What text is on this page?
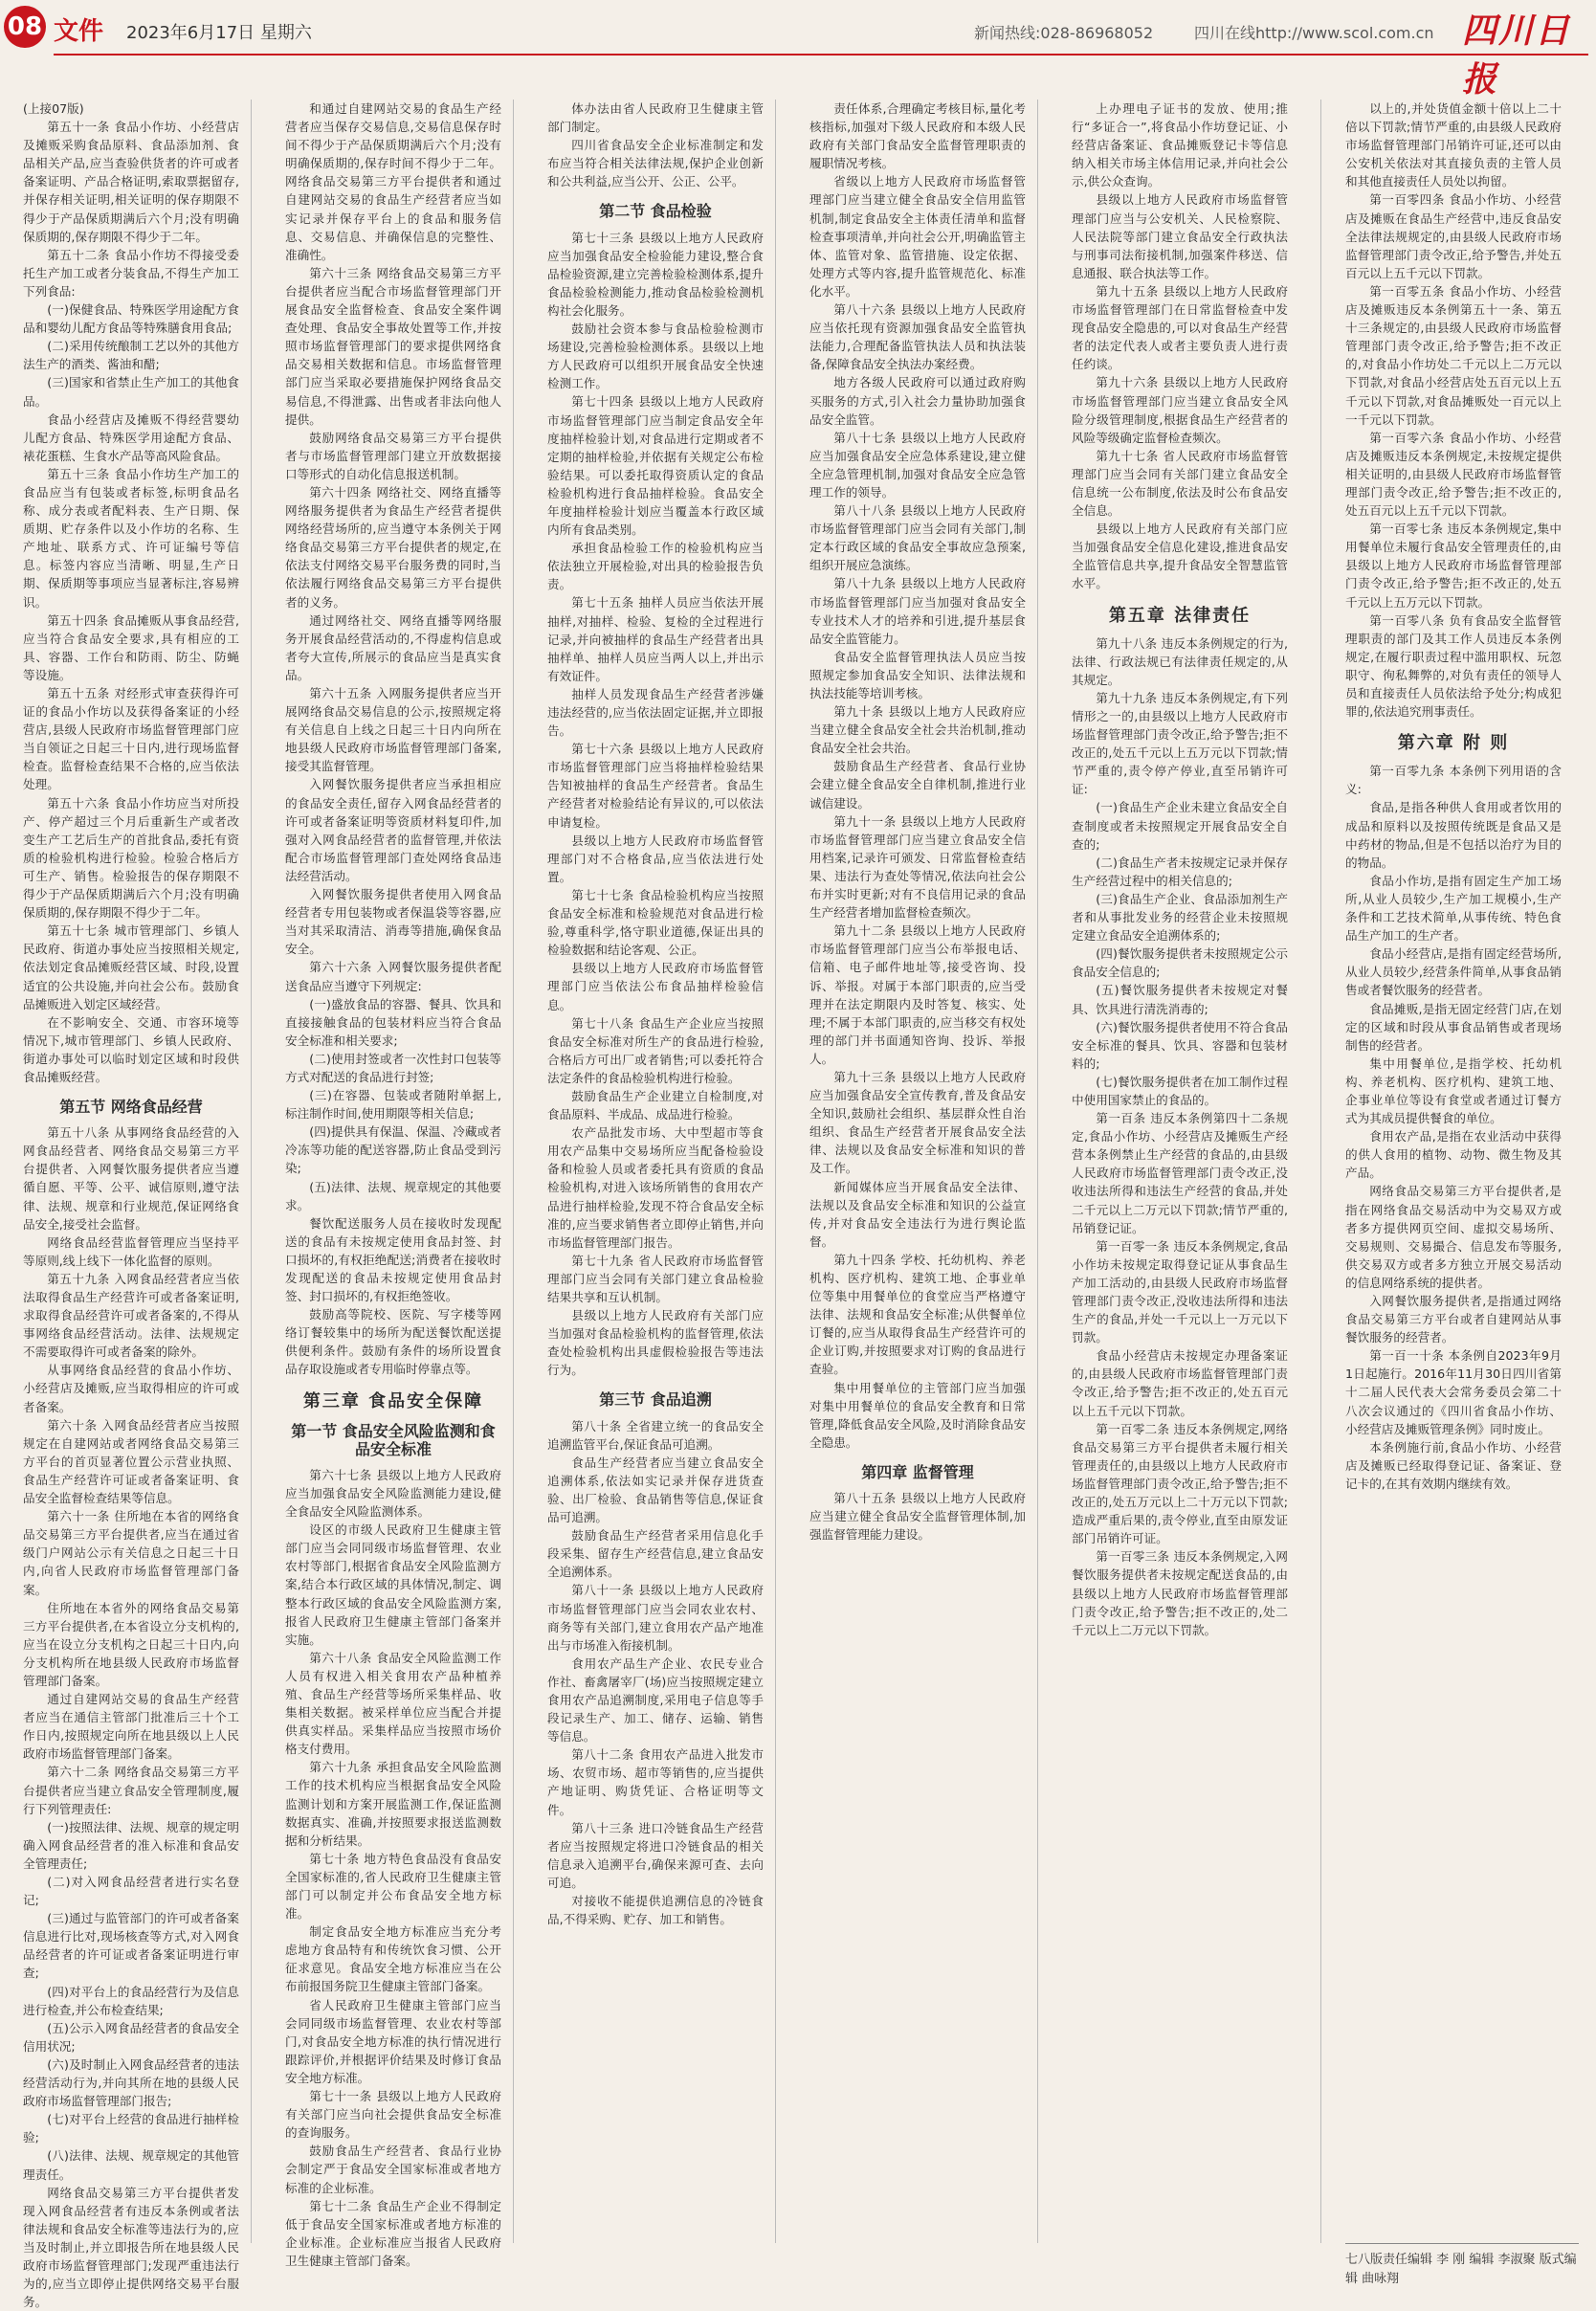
08 文件 2023年6月17日 星期六	新闻热线:028-86968052	四川在线http://www.scol.com.cn 四川日报
(上接07版)

第五十一条 食品小作坊、小经营店及摊贩采购食品原料、食品添加剂、食品相关产品,应当查验供货者的许可或者备案证明、产品合格证明,索取票据留存,并保存相关证明,相关证明的保存期限不得少于产品保质期满后六个月;没有明确保质期的,保存期限不得少于二年。

第五十二条 食品小作坊不得接受委托生产加工或者分装食品,不得生产加工下列食品:

(一)保健食品、特殊医学用途配方食品和婴幼儿配方食品等特殊膳食用食品;

(二)采用传统酿制工艺以外的其他方法生产的酒类、酱油和醋;

(三)国家和省禁止生产加工的其他食品。

食品小经营店及摊贩不得经营婴幼儿配方食品、特殊医学用途配方食品、裱花蛋糕、生食水产品等高风险食品。

第五十三条 食品小作坊生产加工的食品应当有包装或者标签,标明食品名称、成分表或者配料表、生产日期、保质期、贮存条件以及小作坊的名称、生产地址、联系方式、许可证编号等信息。标签内容应当清晰、明显,生产日期、保质期等事项应当显著标注,容易辨识。

第五十四条 食品摊贩从事食品经营,应当符合食品安全要求,具有相应的工具、容器、工作台和防雨、防尘、防蝇等设施。

第五十五条 对经形式审查获得许可证的食品小作坊以及获得备案证的小经营店,县级人民政府市场监督管理部门应当自领证之日起三十日内,进行现场监督检查。监督检查结果不合格的,应当依法处理。

第五十六条 食品小作坊应当对所投产、停产超过三个月后重新生产或者改变生产工艺后生产的首批食品,委托有资质的检验机构进行检验。检验合格后方可生产、销售。检验报告的保存期限不得少于产品保质期满后六个月;没有明确保质期的,保存期限不得少于二年。

第五十七条 城市管理部门、乡镇人民政府、街道办事处应当按照相关规定,依法划定食品摊贩经营区域、时段,设置适宜的公共设施,并向社会公布。鼓励食品摊贩进入划定区域经营。

在不影响安全、交通、市容环境等情况下,城市管理部门、乡镇人民政府、街道办事处可以临时划定区域和时段供食品摊贩经营。

第五节 网络食品经营

第五十八条 从事网络食品经营的入网食品经营者、网络食品交易第三方平台提供者、入网餐饮服务提供者应当遵循自愿、平等、公平、诚信原则,遵守法律、法规、规章和行业规范,保证网络食品安全,接受社会监督。

网络食品经营监督管理应当坚持平等原则,线上线下一体化监督的原则。

第五十九条 入网食品经营者应当依法取得食品生产经营许可或者备案证明,求取得食品经营许可或者备案的,不得从事网络食品经营活动。法律、法规规定不需要取得许可或者备案的除外。

从事网络食品经营的食品小作坊、小经营店及摊贩,应当取得相应的许可或者备案。

第六十条 入网食品经营者应当按照规定在自建网站或者网络食品交易第三方平台的首页显著位置公示营业执照、食品生产经营许可证或者备案证明、食品安全监督检查结果等信息。

第六十一条 住所地在本省的网络食品交易第三方平台提供者,应当在通过省级门户网站公示有关信息之日起三十日内,向省人民政府市场监督管理部门备案。

住所地在本省外的网络食品交易第三方平台提供者,在本省设立分支机构的,应当在设立分支机构之日起三十日内,向分支机构所在地县级人民政府市场监督管理部门备案。

通过自建网站交易的食品生产经营者应当在通信主管部门批准后三十个工作日内,按照规定向所在地县级以上人民政府市场监督管理部门备案。

第六十二条 网络食品交易第三方平台提供者应当建立食品安全管理制度,履行下列管理责任:

(一)按照法律、法规、规章的规定明确入网食品经营者的准入标准和食品安全管理责任;

(二)对入网食品经营者进行实名登记;

(三)通过与监管部门的许可或者备案信息进行比对,现场核查等方式,对入网食品经营者的许可证或者备案证明进行审查;

(四)对平台上的食品经营行为及信息进行检查,并公布检查结果;

(五)公示入网食品经营者的食品安全信用状况;

(六)及时制止入网食品经营者的违法经营活动行为,并向其所在地的县级人民政府市场监督管理部门报告;

(七)对平台上经营的食品进行抽样检验;

(八)法律、法规、规章规定的其他管理责任。

网络食品交易第三方平台提供者发现入网食品经营者有违反本条例或者法律法规和食品安全标准等违法行为的,应当及时制止,并立即报告所在地县级人民政府市场监督管理部门;发现严重违法行为的,应当立即停止提供网络交易平台服务。

和通过自建网站交易的食品生产经营者应当保存交易信息,交易信息保存时间不得少于产品保质期满后六个月;没有明确保质期的,保存时间不得少于二年。网络食品交易第三方平台提供者和通过自建网站交易的食品生产经营者应当如实记录并保存平台上的食品和服务信息、交易信息、并确保信息的完整性、准确性。

第六十三条 网络食品交易第三方平台提供者应当配合市场监督管理部门开展食品安全监督检查、食品安全案件调查处理、食品安全事故处置等工作,并按照市场监督管理部门的要求提供网络食品交易相关数据和信息。市场监督管理部门应当采取必要措施保护网络食品交易信息,不得泄露、出售或者非法向他人提供。

鼓励网络食品交易第三方平台提供者与市场监督管理部门建立开放数据接口等形式的自动化信息报送机制。

第六十四条 网络社交、网络直播等网络服务提供者为食品生产经营者提供网络经营场所的,应当遵守本条例关于网络食品交易第三方平台提供者的规定,在依法支付网络交易平台服务费的同时,当依法履行网络食品交易第三方平台提供者的义务。

通过网络社交、网络直播等网络服务开展食品经营活动的,不得虚构信息或者夸大宣传,所展示的食品应当是真实食品。

第六十五条 入网服务提供者应当开展网络食品交易信息的公示,按照规定将有关信息自上线之日起三十日内向所在地县级人民政府市场监督管理部门备案,接受其监督管理。

入网餐饮服务提供者应当承担相应的食品安全责任,留存入网食品经营者的许可或者备案证明等资质材料复印件,加强对入网食品经营者的监督管理,并依法配合市场监督管理部门查处网络食品违法经营活动。

入网餐饮服务提供者使用入网食品经营者专用包装物或者保温袋等容器,应当对其采取清洁、消毒等措施,确保食品安全。

第六十六条 入网餐饮服务提供者配送食品应当遵守下列规定:

(一)盛放食品的容器、餐具、饮具和直接接触食品的包装材料应当符合食品安全标准和相关要求;

(二)使用封签或者一次性封口包装等方式对配送的食品进行封签;

(三)在容器、包装或者随附单据上,标注制作时间,使用期限等相关信息;

(四)提供具有保温、保温、冷藏或者冷冻等功能的配送容器,防止食品受到污染;

(五)法律、法规、规章规定的其他要求。

餐饮配送服务人员在接收时发现配送的食品有未按规定使用食品封签、封口损坏的,有权拒绝配送;消费者在接收时发现配送的食品未按规定使用食品封签、封口损坏的,有权拒绝签收。

鼓励高等院校、医院、写字楼等网络订餐较集中的场所为配送餐饮配送提供便利条件。鼓励有条件的场所设置食品存取设施或者专用临时停靠点等。

第三章 食品安全保障
第一节 食品安全风险监测和食品安全标准

第六十七条 县级以上地方人民政府应当加强食品安全风险监测能力建设,健全食品安全风险监测体系。

设区的市级人民政府卫生健康主管部门应当会同同级市场监督管理、农业农村等部门,根据省食品安全风险监测方案,结合本行政区域的具体情况,制定、调整本行政区域的食品安全风险监测方案,报省人民政府卫生健康主管部门备案并实施。

第六十八条 食品安全风险监测工作人员有权进入相关食用农产品种植养殖、食品生产经营等场所采集样品、收集相关数据。被采样单位应当配合并提供真实样品。采集样品应当按照市场价格支付费用。

第六十九条 承担食品安全风险监测工作的技术机构应当根据食品安全风险监测计划和方案开展监测工作,保证监测数据真实、准确,并按照要求报送监测数据和分析结果。

第七十条 地方特色食品没有食品安全国家标准的,省人民政府卫生健康主管部门可以制定并公布食品安全地方标准。

制定食品安全地方标准应当充分考虑地方食品特有和传统饮食习惯、公开征求意见。食品安全地方标准应当在公布前报国务院卫生健康主管部门备案。

省人民政府卫生健康主管部门应当会同同级市场监督管理、农业农村等部门,对食品安全地方标准的执行情况进行跟踪评价,并根据评价结果及时修订食品安全地方标准。

第七十一条 县级以上地方人民政府有关部门应当向社会提供食品安全标准的查询服务。

鼓励食品生产经营者、食品行业协会制定严于食品安全国家标准或者地方标准的企业标准。

第七十二条 食品生产企业不得制定低于食品安全国家标准或者地方标准的企业标准。企业标准应当报省人民政府卫生健康主管部门备案。

体办法由省人民政府卫生健康主管部门制定。

四川省食品安全企业标准制定和发布应当符合相关法律法规,保护企业创新和公共利益,应当公开、公正、公平。

第二节 食品检验

第七十三条 县级以上地方人民政府应当加强食品安全检验能力建设,整合食品检验资源,建立完善检验检测体系,提升食品检验检测能力,推动食品检验检测机构社会化服务。

鼓励社会资本参与食品检验检测市场建设,完善检验检测体系。县级以上地方人民政府可以组织开展食品安全快速检测工作。

第七十四条 县级以上地方人民政府市场监督管理部门应当制定食品安全年度抽样检验计划,对食品进行定期或者不定期的抽样检验,并依据有关规定公布检验结果。可以委托取得资质认定的食品检验机构进行食品抽样检验。食品安全年度抽样检验计划应当覆盖本行政区域内所有食品类别。

承担食品检验工作的检验机构应当依法独立开展检验,对出具的检验报告负责。

第七十五条 抽样人员应当依法开展抽样,对抽样、检验、复检的全过程进行记录,并向被抽样的食品生产经营者出具抽样单、抽样人员应当两人以上,并出示有效证件。

抽样人员发现食品生产经营者涉嫌违法经营的,应当依法固定证据,并立即报告。

第七十六条 县级以上地方人民政府市场监督管理部门应当将抽样检验结果告知被抽样的食品生产经营者。食品生产经营者对检验结论有异议的,可以依法申请复检。

县级以上地方人民政府市场监督管理部门对不合格食品,应当依法进行处置。

第七十七条 食品检验机构应当按照食品安全标准和检验规范对食品进行检验,尊重科学,恪守职业道德,保证出具的检验数据和结论客观、公正。

县级以上地方人民政府市场监督管理部门应当依法公布食品抽样检验信息。

第七十八条 食品生产企业应当按照食品安全标准对所生产的食品进行检验,合格后方可出厂或者销售;可以委托符合法定条件的食品检验机构进行检验。

鼓励食品生产企业建立自检制度,对食品原料、半成品、成品进行检验。

农产品批发市场、大中型超市等食用农产品集中交易场所应当配备检验设备和检验人员或者委托具有资质的食品检验机构,对进入该场所销售的食用农产品进行抽样检验,发现不符合食品安全标准的,应当要求销售者立即停止销售,并向市场监督管理部门报告。

第七十九条 省人民政府市场监督管理部门应当会同有关部门建立食品检验结果共享和互认机制。

县级以上地方人民政府有关部门应当加强对食品检验机构的监督管理,依法查处检验机构出具虚假检验报告等违法行为。

第三节 食品追溯

第八十条 全省建立统一的食品安全追溯监管平台,保证食品可追溯。

食品生产经营者应当建立食品安全追溯体系,依法如实记录并保存进货查验、出厂检验、食品销售等信息,保证食品可追溯。

鼓励食品生产经营者采用信息化手段采集、留存生产经营信息,建立食品安全追溯体系。

第八十一条 县级以上地方人民政府市场监督管理部门应当会同农业农村、商务等有关部门,建立食用农产品产地准出与市场准入衔接机制。

食用农产品生产企业、农民专业合作社、畜禽屠宰厂(场)应当按照规定建立食用农产品追溯制度,采用电子信息等手段记录生产、加工、储存、运输、销售等信息。

第八十二条 食用农产品进入批发市场、农贸市场、超市等销售的,应当提供产地证明、购货凭证、合格证明等文件。

第八十三条 进口冷链食品生产经营者应当按照规定将进口冷链食品的相关信息录入追溯平台,确保来源可查、去向可追。

对接收不能提供追溯信息的冷链食品,不得采购、贮存、加工和销售。

责任体系,合理确定考核目标,量化考核指标,加强对下级人民政府和本级人民政府有关部门食品安全监督管理职责的履职情况考核。

省级以上地方人民政府市场监督管理部门应当建立健全食品安全信用监管机制,制定食品安全主体责任清单和监督检查事项清单,并向社会公开,明确监管主体、监管对象、监管措施、设定依据、处理方式等内容,提升监管规范化、标准化水平。

第八十六条 县级以上地方人民政府应当依托现有资源加强食品安全监管执法能力,合理配备监管执法人员和执法装备,保障食品安全执法办案经费。

地方各级人民政府可以通过政府购买服务的方式,引入社会力量协助加强食品安全监管。

第八十七条 县级以上地方人民政府应当加强食品安全应急体系建设,建立健全应急管理机制,加强对食品安全应急管理工作的领导。

第八十八条 县级以上地方人民政府市场监督管理部门应当会同有关部门,制定本行政区域的食品安全事故应急预案,组织开展应急演练。

第八十九条 县级以上地方人民政府市场监督管理部门应当加强对食品安全专业技术人才的培养和引进,提升基层食品安全监管能力。

食品安全监督管理执法人员应当按照规定参加食品安全知识、法律法规和执法技能等培训考核。

第九十条 县级以上地方人民政府应当建立健全食品安全社会共治机制,推动食品安全社会共治。

鼓励食品生产经营者、食品行业协会建立健全食品安全自律机制,推进行业诚信建设。

第九十一条 县级以上地方人民政府市场监督管理部门应当建立食品安全信用档案,记录许可颁发、日常监督检查结果、违法行为查处等情况,依法向社会公布并实时更新;对有不良信用记录的食品生产经营者增加监督检查频次。

第九十二条 县级以上地方人民政府市场监督管理部门应当公布举报电话、信箱、电子邮件地址等,接受咨询、投诉、举报。对属于本部门职责的,应当受理并在法定期限内及时答复、核实、处理;不属于本部门职责的,应当移交有权处理的部门并书面通知咨询、投诉、举报人。

第九十三条 县级以上地方人民政府应当加强食品安全宣传教育,普及食品安全知识,鼓励社会组织、基层群众性自治组织、食品生产经营者开展食品安全法律、法规以及食品安全标准和知识的普及工作。

新闻媒体应当开展食品安全法律、法规以及食品安全标准和知识的公益宣传,并对食品安全违法行为进行舆论监督。

第九十四条 学校、托幼机构、养老机构、医疗机构、建筑工地、企事业单位等集中用餐单位的食堂应当严格遵守法律、法规和食品安全标准;从供餐单位订餐的,应当从取得食品生产经营许可的企业订购,并按照要求对订购的食品进行查验。

集中用餐单位的主管部门应当加强对集中用餐单位的食品安全教育和日常管理,降低食品安全风险,及时消除食品安全隐患。

第四章 监督管理

第八十五条 县级以上地方人民政府应当建立健全食品安全监督管理体制,加强监督管理能力建设。

上办理电子证书的发放、使用;推行“多证合一”,将食品小作坊登记证、小经营店备案证、食品摊贩登记卡等信息纳入相关市场主体信用记录,并向社会公示,供公众查询。

县级以上地方人民政府市场监督管理部门应当与公安机关、人民检察院、人民法院等部门建立食品安全行政执法与刑事司法衔接机制,加强案件移送、信息通报、联合执法等工作。

第九十五条 县级以上地方人民政府市场监督管理部门在日常监督检查中发现食品安全隐患的,可以对食品生产经营者的法定代表人或者主要负责人进行责任约谈。

第九十六条 县级以上地方人民政府市场监督管理部门应当建立食品安全风险分级管理制度,根据食品生产经营者的风险等级确定监督检查频次。

第九十七条 省人民政府市场监督管理部门应当会同有关部门建立食品安全信息统一公布制度,依法及时公布食品安全信息。

县级以上地方人民政府有关部门应当加强食品安全信息化建设,推进食品安全监管信息共享,提升食品安全智慧监管水平。

第五章 法律责任

第九十八条 违反本条例规定的行为,法律、行政法规已有法律责任规定的,从其规定。

第九十九条 违反本条例规定,有下列情形之一的,由县级以上地方人民政府市场监督管理部门责令改正,给予警告;拒不改正的,处五千元以上五万元以下罚款;情节严重的,责令停产停业,直至吊销许可证:

(一)食品生产企业未建立食品安全自查制度或者未按照规定开展食品安全自查的;

(二)食品生产者未按规定记录并保存生产经营过程中的相关信息的;

(三)食品生产企业、食品添加剂生产者和从事批发业务的经营企业未按照规定建立食品安全追溯体系的;

(四)餐饮服务提供者未按照规定公示食品安全信息的;

(五)餐饮服务提供者未按规定对餐具、饮具进行清洗消毒的;

(六)餐饮服务提供者使用不符合食品安全标准的餐具、饮具、容器和包装材料的;

(七)餐饮服务提供者在加工制作过程中使用国家禁止的食品的。

第一百条 违反本条例第四十二条规定,食品小作坊、小经营店及摊贩生产经营本条例禁止生产经营的食品的,由县级人民政府市场监督管理部门责令改正,没收违法所得和违法生产经营的食品,并处二千元以上二万元以下罚款;情节严重的,吊销登记证。

第一百零一条 违反本条例规定,食品小作坊未按规定取得登记证从事食品生产加工活动的,由县级人民政府市场监督管理部门责令改正,没收违法所得和违法生产的食品,并处一千元以上一万元以下罚款。

食品小经营店未按规定办理备案证的,由县级人民政府市场监督管理部门责令改正,给予警告;拒不改正的,处五百元以上五千元以下罚款。

第一百零二条 违反本条例规定,网络食品交易第三方平台提供者未履行相关管理责任的,由县级以上地方人民政府市场监督管理部门责令改正,给予警告;拒不改正的,处五万元以上二十万元以下罚款;造成严重后果的,责令停业,直至由原发证部门吊销许可证。

第一百零三条 违反本条例规定,入网餐饮服务提供者未按规定配送食品的,由县级以上地方人民政府市场监督管理部门责令改正,给予警告;拒不改正的,处二千元以上二万元以下罚款。

以上的,并处货值金额十倍以上二十倍以下罚款;情节严重的,由县级人民政府市场监督管理部门吊销许可证,还可以由公安机关依法对其直接负责的主管人员和其他直接责任人员处以拘留。

第一百零四条 食品小作坊、小经营店及摊贩在食品生产经营中,违反食品安全法律法规规定的,由县级人民政府市场监督管理部门责令改正,给予警告,并处五百元以上五千元以下罚款。

第一百零五条 食品小作坊、小经营店及摊贩违反本条例第五十一条、第五十三条规定的,由县级人民政府市场监督管理部门责令改正,给予警告;拒不改正的,对食品小作坊处二千元以上二万元以下罚款,对食品小经营店处五百元以上五千元以下罚款,对食品摊贩处一百元以上一千元以下罚款。

第一百零六条 食品小作坊、小经营店及摊贩违反本条例规定,未按规定提供相关证明的,由县级人民政府市场监督管理部门责令改正,给予警告;拒不改正的,处五百元以上五千元以下罚款。

第一百零七条 违反本条例规定,集中用餐单位未履行食品安全管理责任的,由县级以上地方人民政府市场监督管理部门责令改正,给予警告;拒不改正的,处五千元以上五万元以下罚款。

第一百零八条 负有食品安全监督管理职责的部门及其工作人员违反本条例规定,在履行职责过程中滥用职权、玩忽职守、徇私舞弊的,对负有责任的领导人员和直接责任人员依法给予处分;构成犯罪的,依法追究刑事责任。

第六章 附 则

第一百零九条 本条例下列用语的含义:

食品,是指各种供人食用或者饮用的成品和原料以及按照传统既是食品又是中药材的物品,但是不包括以治疗为目的的物品。

食品小作坊,是指有固定生产加工场所,从业人员较少,生产加工规模小,生产条件和工艺技术简单,从事传统、特色食品生产加工的生产者。

食品小经营店,是指有固定经营场所,从业人员较少,经营条件简单,从事食品销售或者餐饮服务的经营者。

食品摊贩,是指无固定经营门店,在划定的区域和时段从事食品销售或者现场制售的经营者。

集中用餐单位,是指学校、托幼机构、养老机构、医疗机构、建筑工地、企事业单位等设有食堂或者通过订餐方式为其成员提供餐食的单位。

食用农产品,是指在农业活动中获得的供人食用的植物、动物、微生物及其产品。

网络食品交易第三方平台提供者,是指在网络食品交易活动中为交易双方或者多方提供网页空间、虚拟交易场所、交易规则、交易撮合、信息发布等服务,供交易双方或者多方独立开展交易活动的信息网络系统的提供者。

入网餐饮服务提供者,是指通过网络食品交易第三方平台或者自建网站从事餐饮服务的经营者。

第一百一十条 本条例自2023年9月1日起施行。2016年11月30日四川省第十二届人民代表大会常务委员会第二十八次会议通过的《四川省食品小作坊、小经营店及摊贩管理条例》同时废止。

本条例施行前,食品小作坊、小经营店及摊贩已经取得登记证、备案证、登记卡的,在其有效期内继续有效。

七八版责任编辑 李 刚 编辑 李淑聚 版式编辑 曲咏翔
